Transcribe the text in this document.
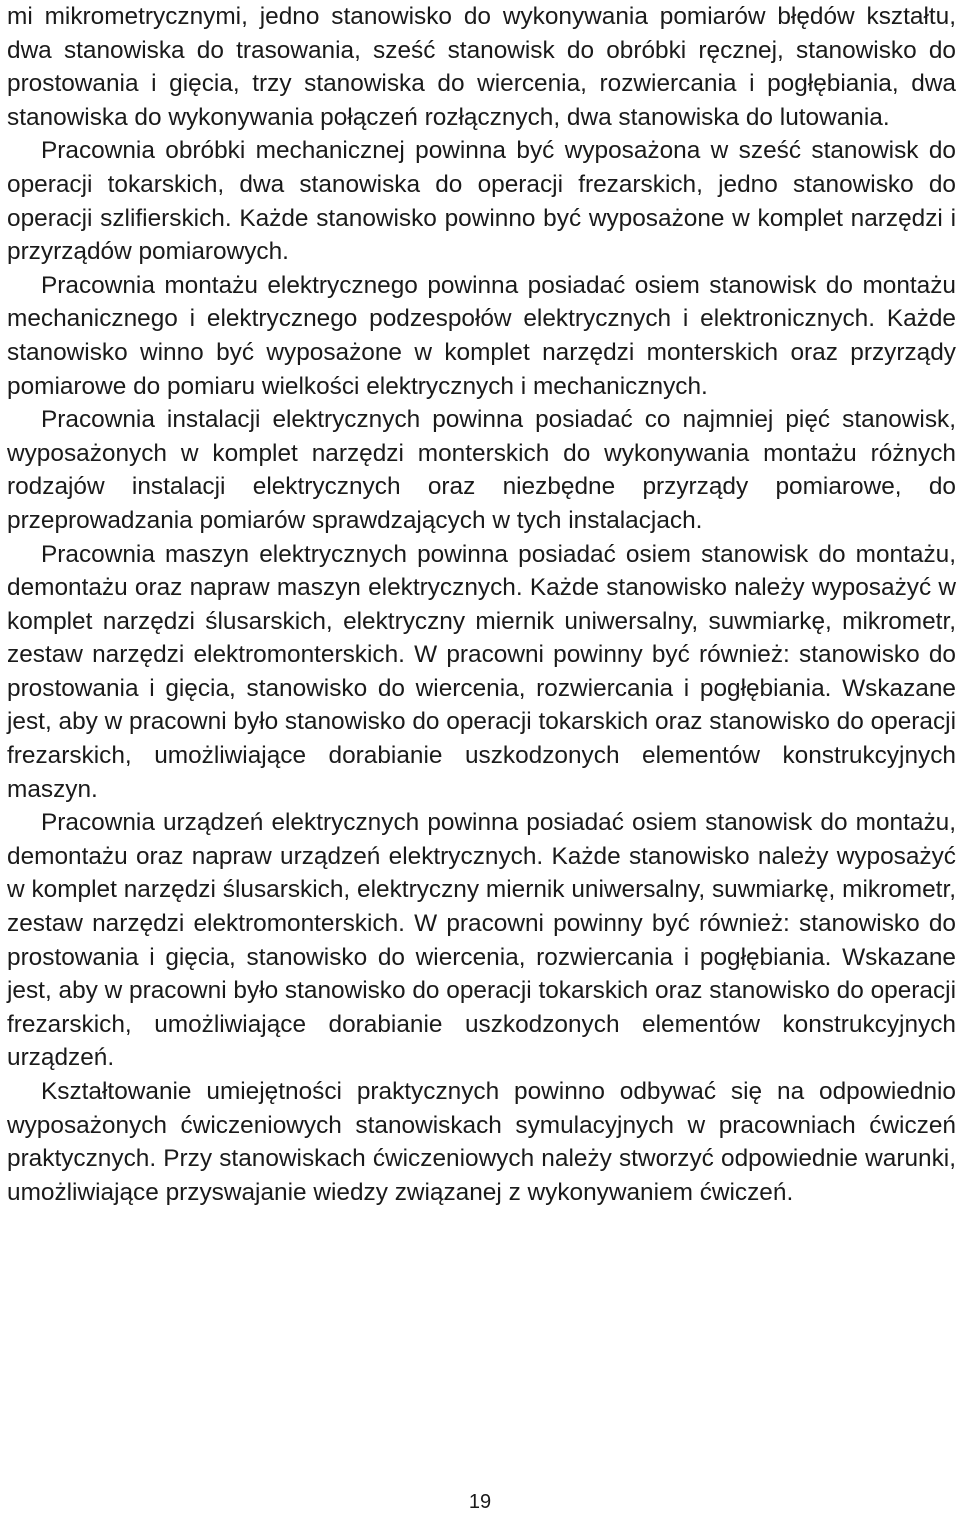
mi mikrometrycznymi, jedno stanowisko do wykonywania pomiarów błędów kształtu, dwa stanowiska do trasowania, sześć stanowisk do obróbki ręcznej, stanowisko do prostowania i gięcia, trzy stanowiska do wiercenia, rozwiercania i pogłębiania, dwa stanowiska do wykonywania połączeń rozłącznych, dwa stanowiska do lutowania.

Pracownia obróbki mechanicznej powinna być wyposażona w sześć stanowisk do operacji tokarskich, dwa stanowiska do operacji frezarskich, jedno stanowisko do operacji szlifierskich. Każde stanowisko powinno być wyposażone w komplet narzędzi i przyrządów pomiarowych.

Pracownia montażu elektrycznego powinna posiadać osiem stanowisk do montażu mechanicznego i elektrycznego podzespołów elektrycznych i elektronicznych. Każde stanowisko winno być wyposażone w komplet narzędzi monterskich oraz przyrządy pomiarowe do pomiaru wielkości elektrycznych i mechanicznych.

Pracownia instalacji elektrycznych powinna posiadać co najmniej pięć stanowisk, wyposażonych w komplet narzędzi monterskich do wykonywania montażu różnych rodzajów instalacji elektrycznych oraz niezbędne przyrządy pomiarowe, do przeprowadzania pomiarów sprawdzających w tych instalacjach.

Pracownia maszyn elektrycznych powinna posiadać osiem stanowisk do montażu, demontażu oraz napraw maszyn elektrycznych. Każde stanowisko należy wyposażyć w komplet narzędzi ślusarskich, elektryczny miernik uniwersalny, suwmiarkę, mikrometr, zestaw narzędzi elektromonterskich. W pracowni powinny być również: stanowisko do prostowania i gięcia, stanowisko do wiercenia, rozwiercania i pogłębiania. Wskazane jest, aby w pracowni było stanowisko do operacji tokarskich oraz stanowisko do operacji frezarskich, umożliwiające dorabianie uszkodzonych elementów konstrukcyjnych maszyn.

Pracownia urządzeń elektrycznych powinna posiadać osiem stanowisk do montażu, demontażu oraz napraw urządzeń elektrycznych. Każde stanowisko należy wyposażyć w komplet narzędzi ślusarskich, elektryczny miernik uniwersalny, suwmiarkę, mikrometr, zestaw narzędzi elektromonterskich. W pracowni powinny być również: stanowisko do prostowania i gięcia, stanowisko do wiercenia, rozwiercania i pogłębiania. Wskazane jest, aby w pracowni było stanowisko do operacji tokarskich oraz stanowisko do operacji frezarskich, umożliwiające dorabianie uszkodzonych elementów konstrukcyjnych urządzeń.

Kształtowanie umiejętności praktycznych powinno odbywać się na odpowiednio wyposażonych ćwiczeniowych stanowiskach symulacyjnych w pracowniach ćwiczeń praktycznych. Przy stanowiskach ćwiczeniowych należy stworzyć odpowiednie warunki, umożliwiające przyswajanie wiedzy związanej z wykonywaniem ćwiczeń.

19
